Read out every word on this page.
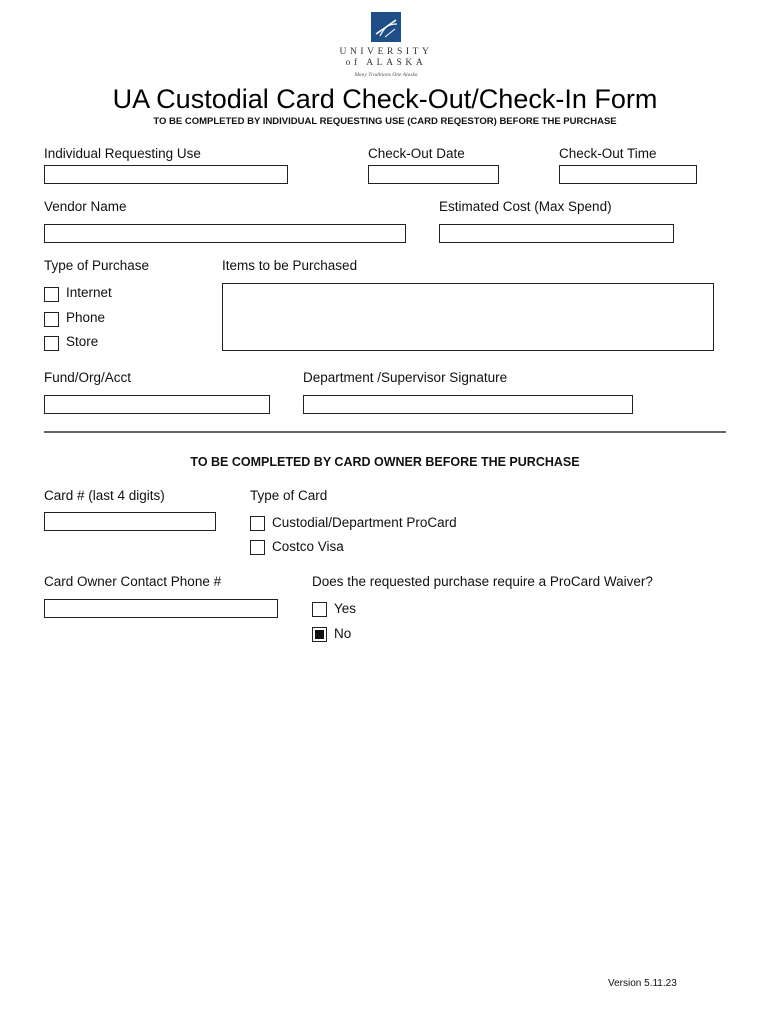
UNIVERSITY
of ALASKA
Many Traditions One Alaska
UA Custodial Card Check-Out/Check-In Form
TO BE COMPLETED BY INDIVIDUAL REQUESTING USE (CARD REQESTOR) BEFORE THE PURCHASE
Individual Requesting Use	Check-Out Date	Check-Out Time
Vendor Name	Estimated Cost (Max Spend)
Type of Purchase	Items to be Purchased
Internet
Phone
Store
Fund/Org/Acct	Department /Supervisor Signature
TO BE COMPLETED BY CARD OWNER BEFORE THE PURCHASE
Card # (last 4 digits)	Type of Card
Custodial/Department ProCard
Costco Visa
Card Owner Contact Phone #	Does the requested purchase require a ProCard Waiver?
Yes
No
Version 5.11.23
